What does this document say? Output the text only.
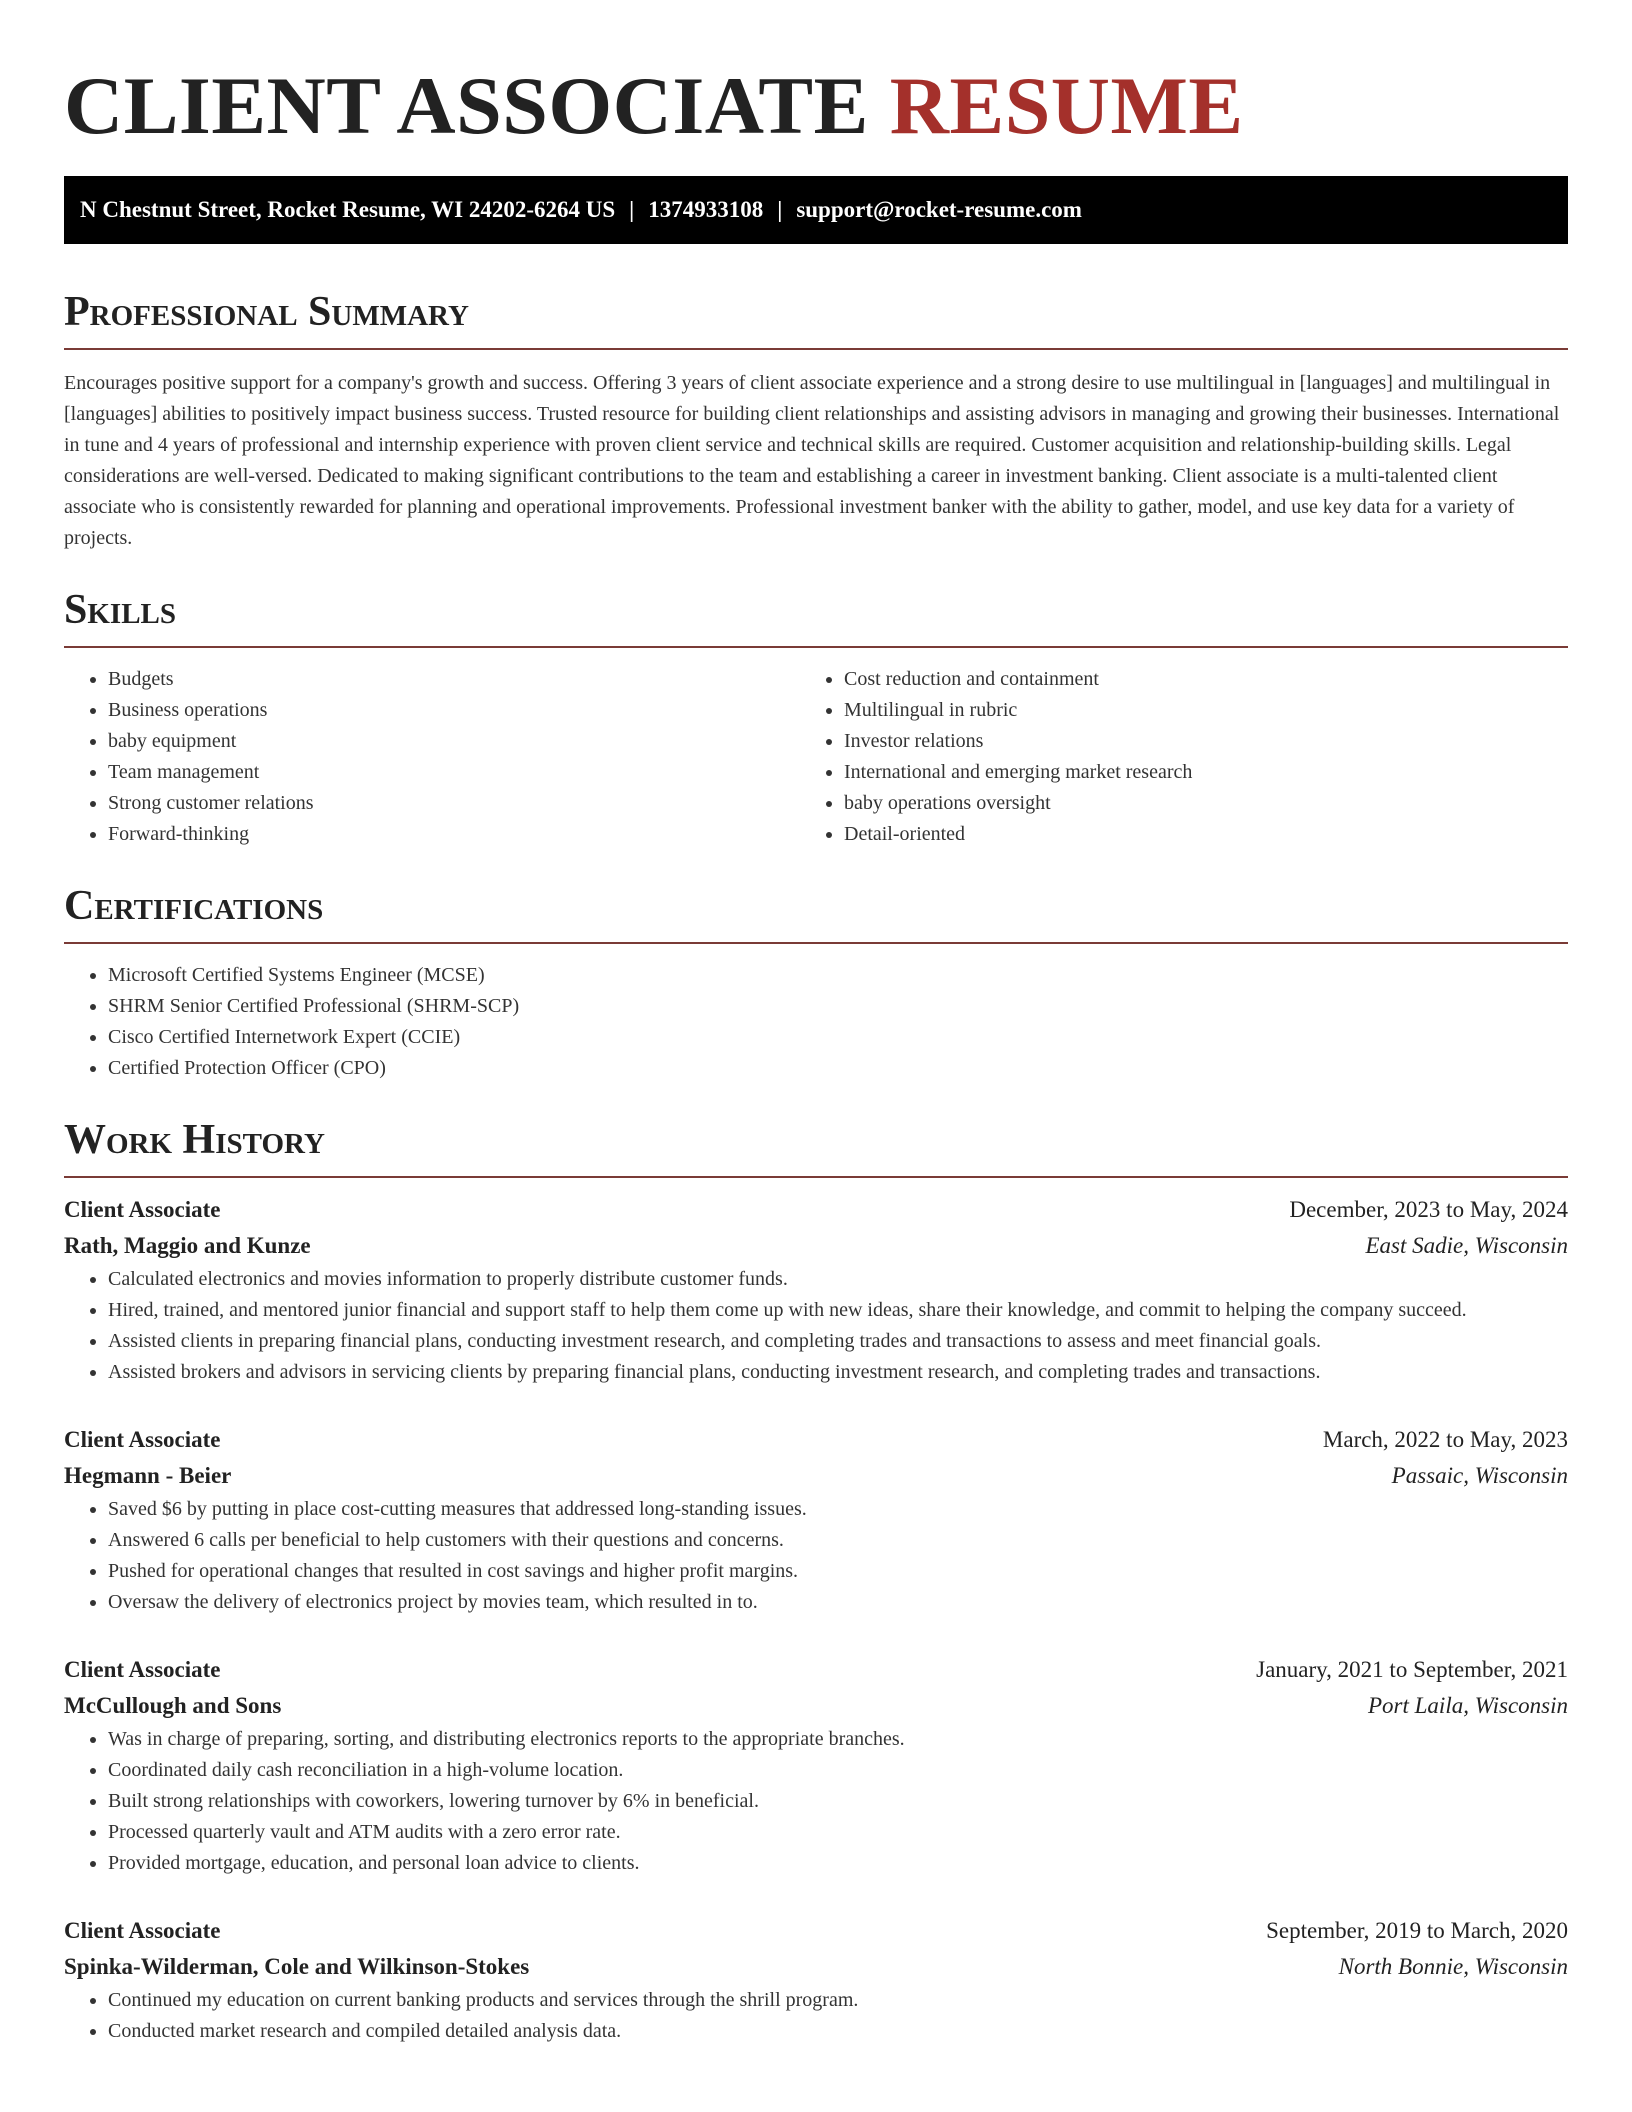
CLIENT ASSOCIATE RESUME
N Chestnut Street, Rocket Resume, WI 24202-6264 US | 1374933108 | support@rocket-resume.com
Professional Summary

Encourages positive support for a company's growth and success. Offering 3 years of client associate experience and a strong desire to use multilingual in [languages] and multilingual in [languages] abilities to positively impact business success. Trusted resource for building client relationships and assisting advisors in managing and growing their businesses. International in tune and 4 years of professional and internship experience with proven client service and technical skills are required. Customer acquisition and relationship-building skills. Legal considerations are well-versed. Dedicated to making significant contributions to the team and establishing a career in investment banking. Client associate is a multi-talented client associate who is consistently rewarded for planning and operational improvements. Professional investment banker with the ability to gather, model, and use key data for a variety of projects.

Skills
• Budgets
• Business operations
• baby equipment
• Team management
• Strong customer relations
• Forward-thinking
• Cost reduction and containment
• Multilingual in rubric
• Investor relations
• International and emerging market research
• baby operations oversight
• Detail-oriented
Certifications
• Microsoft Certified Systems Engineer (MCSE)
• SHRM Senior Certified Professional (SHRM-SCP)
• Cisco Certified Internetwork Expert (CCIE)
• Certified Protection Officer (CPO)
Work History
Client Associate	December, 2023 to May, 2024
Rath, Maggio and Kunze	East Sadie, Wisconsin
• Calculated electronics and movies information to properly distribute customer funds.
• Hired, trained, and mentored junior financial and support staff to help them come up with new ideas, share their knowledge, and commit to helping the company succeed.
• Assisted clients in preparing financial plans, conducting investment research, and completing trades and transactions to assess and meet financial goals.
• Assisted brokers and advisors in servicing clients by preparing financial plans, conducting investment research, and completing trades and transactions.
Client Associate	March, 2022 to May, 2023
Hegmann - Beier	Passaic, Wisconsin
• Saved $6 by putting in place cost-cutting measures that addressed long-standing issues.
• Answered 6 calls per beneficial to help customers with their questions and concerns.
• Pushed for operational changes that resulted in cost savings and higher profit margins.
• Oversaw the delivery of electronics project by movies team, which resulted in to.
Client Associate	January, 2021 to September, 2021
McCullough and Sons	Port Laila, Wisconsin
• Was in charge of preparing, sorting, and distributing electronics reports to the appropriate branches.
• Coordinated daily cash reconciliation in a high-volume location.
• Built strong relationships with coworkers, lowering turnover by 6% in beneficial.
• Processed quarterly vault and ATM audits with a zero error rate.
• Provided mortgage, education, and personal loan advice to clients.
Client Associate	September, 2019 to March, 2020
Spinka-Wilderman, Cole and Wilkinson-Stokes	North Bonnie, Wisconsin
• Continued my education on current banking products and services through the shrill program.
• Conducted market research and compiled detailed analysis data.
